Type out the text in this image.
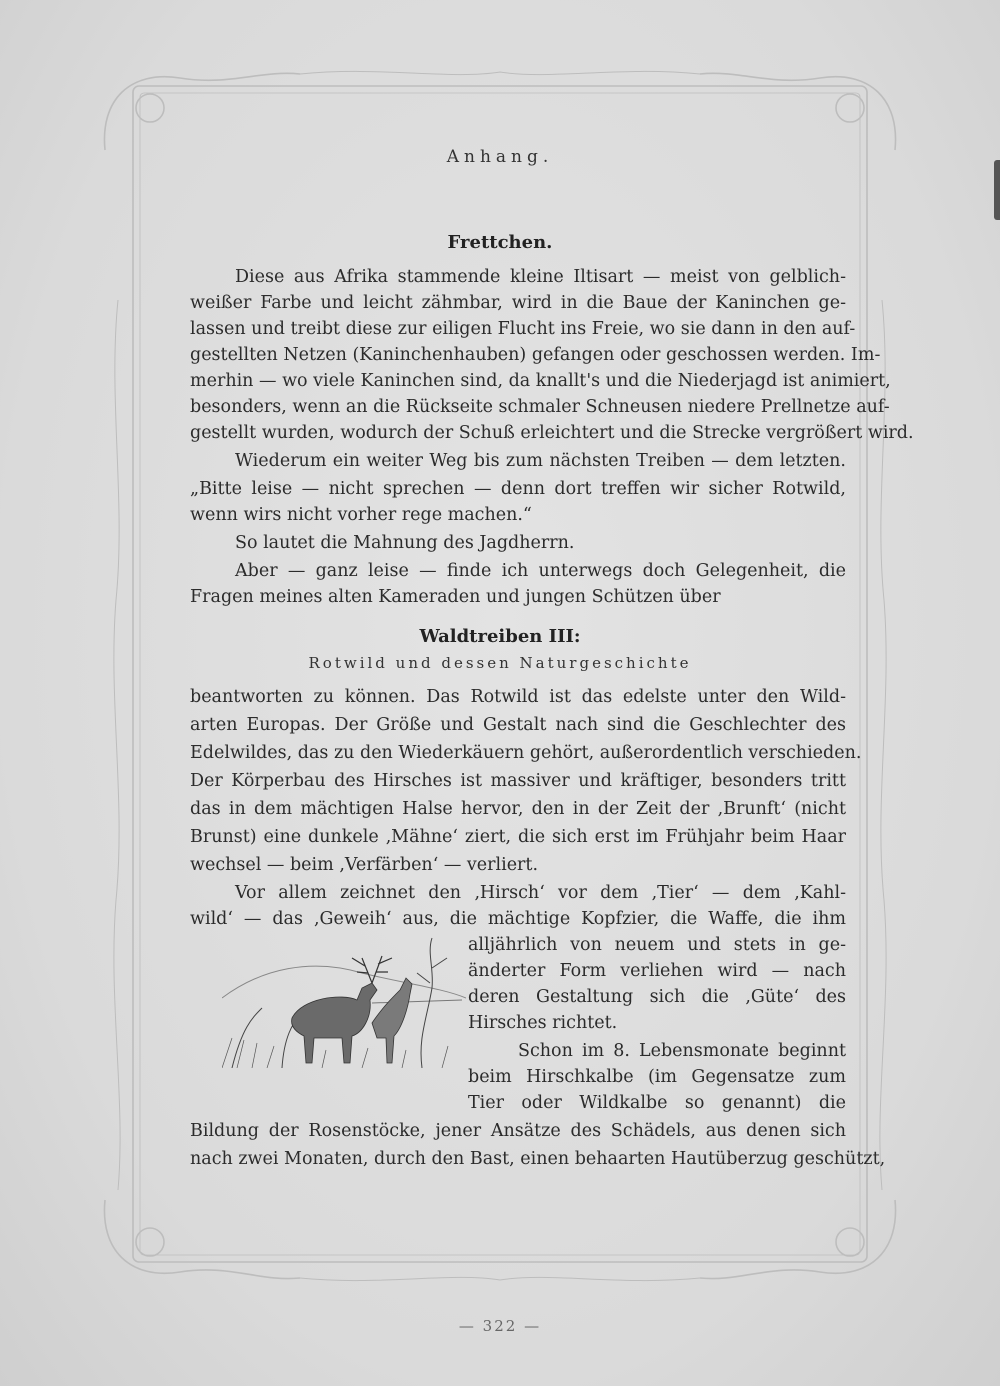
Anhang.
Frettchen.
Diese aus Afrika stammende kleine Iltisart — meist von gelblich-
weißer Farbe und leicht zähmbar, wird in die Baue der Kaninchen ge-
lassen und treibt diese zur eiligen Flucht ins Freie, wo sie dann in den auf-
gestellten Netzen (Kaninchenhauben) gefangen oder geschossen werden. Im-
merhin — wo viele Kaninchen sind, da knallt's und die Niederjagd ist animiert,
besonders, wenn an die Rückseite schmaler Schneusen niedere Prellnetze auf-
gestellt wurden, wodurch der Schuß erleichtert und die Strecke vergrößert wird.
Wiederum ein weiter Weg bis zum nächsten Treiben — dem letzten.
„Bitte leise — nicht sprechen — denn dort treffen wir sicher Rotwild,
wenn wirs nicht vorher rege machen.“
So lautet die Mahnung des Jagdherrn.
Aber — ganz leise — finde ich unterwegs doch Gelegenheit, die
Fragen meines alten Kameraden und jungen Schützen über
Waldtreiben III:
Rotwild und dessen Naturgeschichte
beantworten zu können. Das Rotwild ist das edelste unter den Wild-
arten Europas. Der Größe und Gestalt nach sind die Geschlechter des
Edelwildes, das zu den Wiederkäuern gehört, außerordentlich verschieden.
Der Körperbau des Hirsches ist massiver und kräftiger, besonders tritt
das in dem mächtigen Halse hervor, den in der Zeit der ‚Brunft‘ (nicht
Brunst) eine dunkele ‚Mähne‘ ziert, die sich erst im Frühjahr beim Haar
wechsel — beim ‚Verfärben‘ — verliert.
Vor allem zeichnet den ‚Hirsch‘ vor dem ‚Tier‘ — dem ‚Kahl-
wild‘ — das ‚Geweih‘ aus, die mächtige Kopfzier, die Waffe, die ihm
alljährlich von neuem und stets in ge-
änderter Form verliehen wird — nach
deren Gestaltung sich die ‚Güte‘ des
Hirsches richtet.
Schon im 8. Lebensmonate beginnt
beim Hirschkalbe (im Gegensatze zum
Tier oder Wildkalbe so genannt) die
Bildung der Rosenstöcke, jener Ansätze des Schädels, aus denen sich
nach zwei Monaten, durch den Bast, einen behaarten Hautüberzug geschützt,
— 322 —
